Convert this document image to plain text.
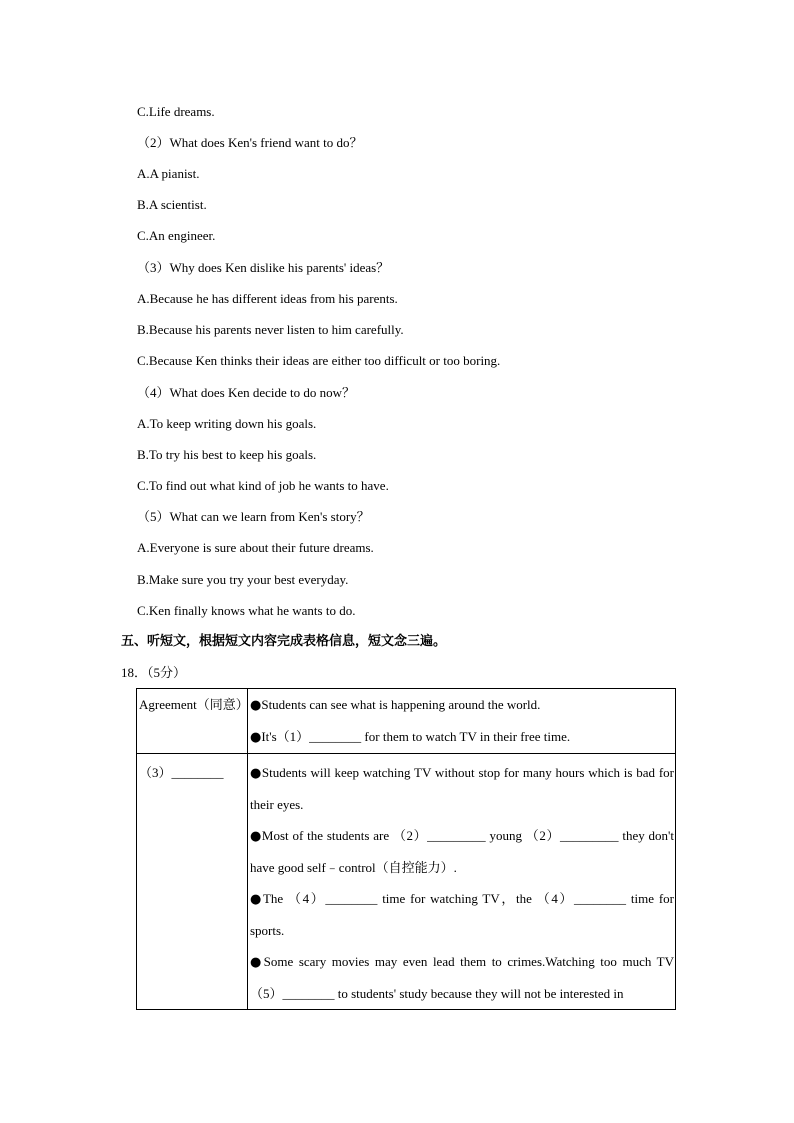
C.Life dreams.
（2）What does Ken's friend want to do？
A.A pianist.
B.A scientist.
C.An engineer.
（3）Why does Ken dislike his parents' ideas？
A.Because he has different ideas from his parents.
B.Because his parents never listen to him carefully.
C.Because Ken thinks their ideas are either too difficult or too boring.
（4）What does Ken decide to do now？
A.To keep writing down his goals.
B.To try his best to keep his goals.
C.To find out what kind of job he wants to have.
（5）What can we learn from Ken's story？
A.Everyone is sure about their future dreams.
B.Make sure you try your best everyday.
C.Ken finally knows what he wants to do.
五、听短文，根据短文内容完成表格信息，短文念三遍。
18．（5分）
Agreement（同意）	●Students can see what is happening around the world.
●It's（1）________ for them to watch TV in their free time.

（3）________	●Students will keep watching TV without stop for many hours which is bad for their eyes.
●Most of the students are （2）_________ young （2）_________ they don't have good self﹣control（自控能力）.
●The （4）________ time for watching TV，the （4）________ time for sports.
●Some scary movies may even lead them to crimes.Watching too much TV （5）________ to students' study because they will not be interested in
